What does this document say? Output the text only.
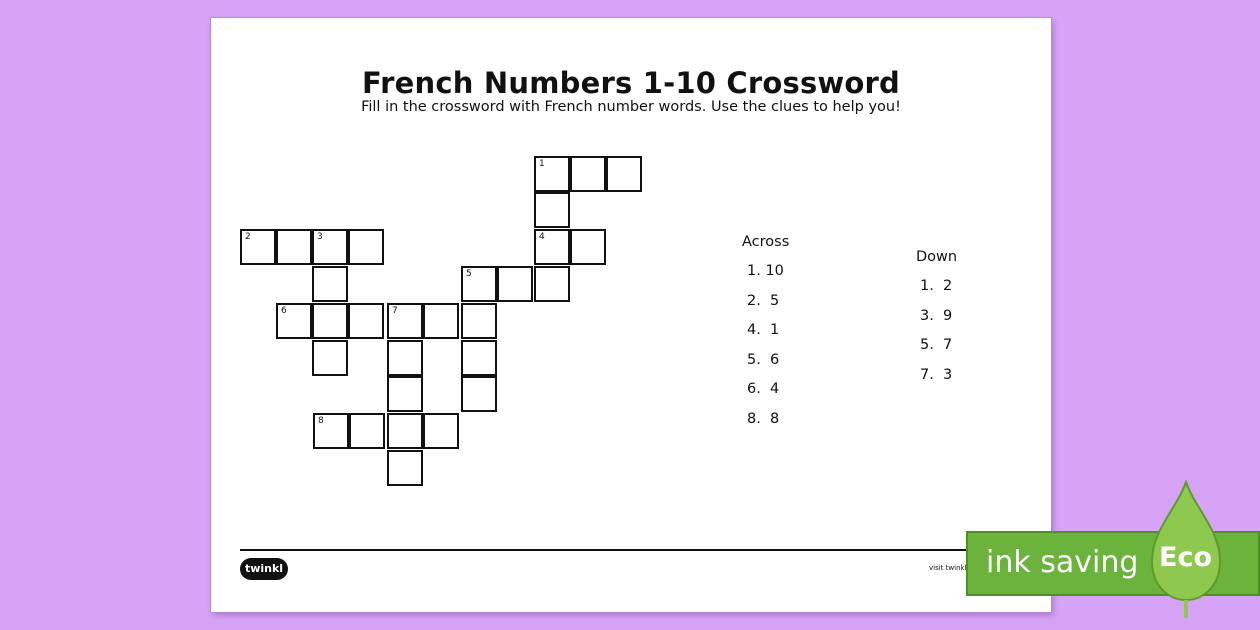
French Numbers 1-10 Crossword
Fill in the crossword with French number words. Use the clues to help you!
1
2	3	4
5
6	7
8
Across
1. 10
2.  5
4.  1
5.  6
6.  4
8.  8
Down
1.  2
3.  9
5.  7
7.  3
twinkl	visit twinkl ink saving Eco
